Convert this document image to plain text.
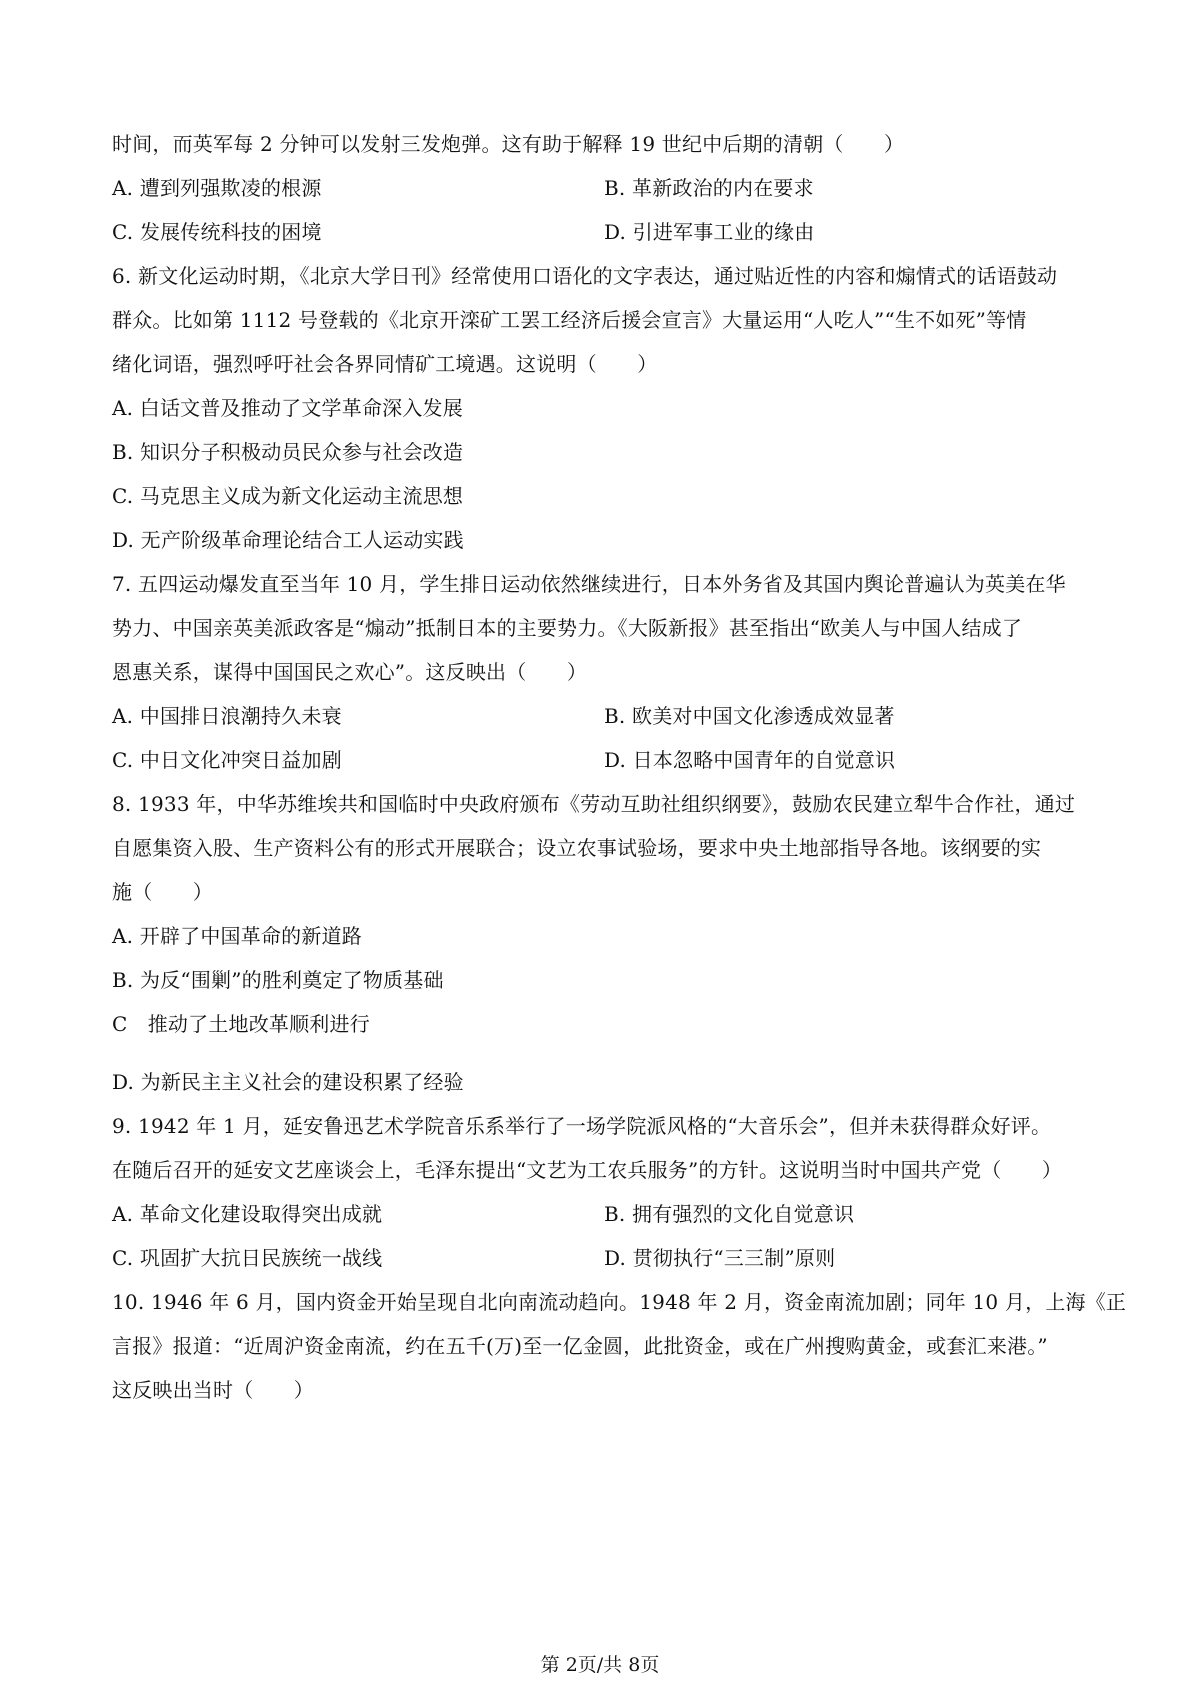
时间，而英军每 2 分钟可以发射三发炮弹。这有助于解释 19 世纪中后期的清朝（　　）
A. 遭到列强欺凌的根源	B. 革新政治的内在要求
C. 发展传统科技的困境	D. 引进军事工业的缘由
6. 新文化运动时期，《北京大学日刊》经常使用口语化的文字表达，通过贴近性的内容和煽情式的话语鼓动
群众。比如第 1112 号登载的《北京开滦矿工罢工经济后援会宣言》大量运用“人吃人”“生不如死”等情
绪化词语，强烈呼吁社会各界同情矿工境遇。这说明（　　）
A. 白话文普及推动了文学革命深入发展
B. 知识分子积极动员民众参与社会改造
C. 马克思主义成为新文化运动主流思想
D. 无产阶级革命理论结合工人运动实践
7. 五四运动爆发直至当年 10 月，学生排日运动依然继续进行，日本外务省及其国内舆论普遍认为英美在华
势力、中国亲英美派政客是“煽动”抵制日本的主要势力。《大阪新报》甚至指出“欧美人与中国人结成了
恩惠关系，谋得中国国民之欢心”。这反映出（　　）
A. 中国排日浪潮持久未衰	B. 欧美对中国文化渗透成效显著
C. 中日文化冲突日益加剧	D. 日本忽略中国青年的自觉意识
8. 1933 年，中华苏维埃共和国临时中央政府颁布《劳动互助社组织纲要》，鼓励农民建立犁牛合作社，通过
自愿集资入股、生产资料公有的形式开展联合；设立农事试验场，要求中央土地部指导各地。该纲要的实
施（　　）
A. 开辟了中国革命的新道路
B. 为反“围剿”的胜利奠定了物质基础
C　推动了土地改革顺利进行
D. 为新民主主义社会的建设积累了经验
9. 1942 年 1 月，延安鲁迅艺术学院音乐系举行了一场学院派风格的“大音乐会”，但并未获得群众好评。
在随后召开的延安文艺座谈会上，毛泽东提出“文艺为工农兵服务”的方针。这说明当时中国共产党（　　）
A. 革命文化建设取得突出成就	B. 拥有强烈的文化自觉意识
C. 巩固扩大抗日民族统一战线	D. 贯彻执行“三三制”原则
10. 1946 年 6 月，国内资金开始呈现自北向南流动趋向。1948 年 2 月，资金南流加剧；同年 10 月，上海《正
言报》报道：“近周沪资金南流，约在五千(万)至一亿金圆，此批资金，或在广州搜购黄金，或套汇来港。”
这反映出当时（　　）
第 2页/共 8页
